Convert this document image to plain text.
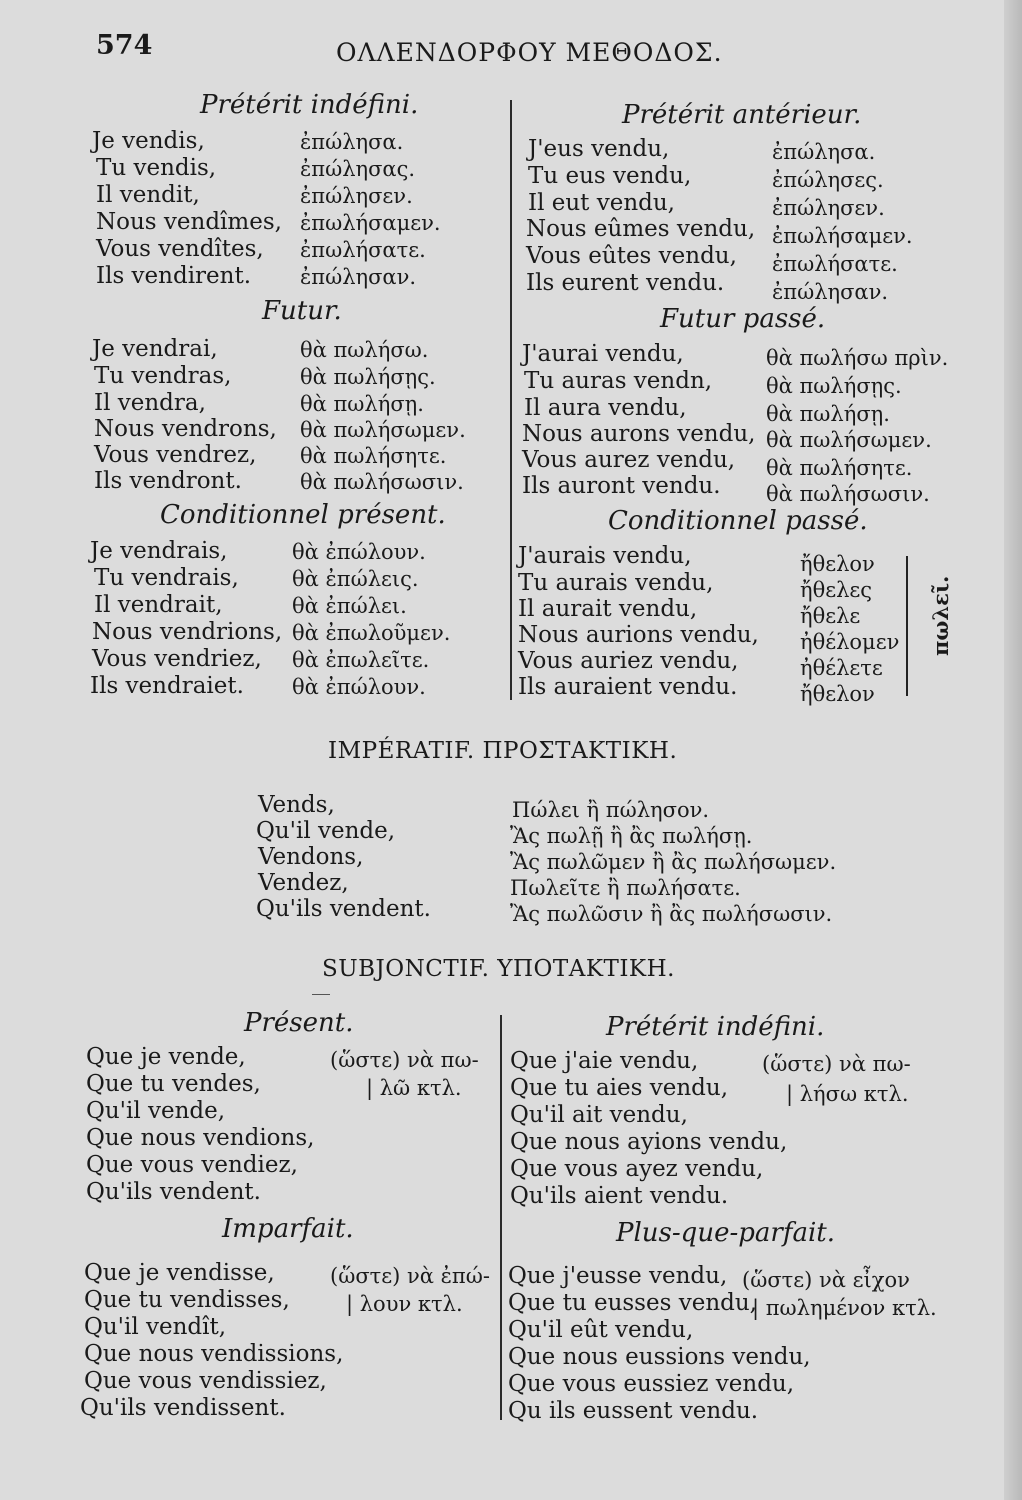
574	ΟΛΛΕΝΔΟΡΦΟΥ ΜΕΘΟΔΟΣ.
Prétérit indéfini.
Je vendis,	ἐπώλησα.
Tu vendis,	ἐπώλησας.
Il vendit,	ἐπώλησεν.
Nous vendîmes, ἐπωλήσαμεν.
Vous vendîtes, ἐπωλήσατε.
Ils vendirent. ἐπώλησαν.
Futur.
Je vendrai,	θὰ πωλήσω.
Tu vendras,	θὰ πωλήσῃς.
Il vendra,	θὰ πωλήσῃ.
Nous vendrons, θὰ πωλήσωμεν.
Vous vendrez, θὰ πωλήσητε.
Ils vendront.	θὰ πωλήσωσιν.
Conditionnel présent.
Je vendrais,	θὰ ἐπώλουν.
Tu vendrais,	θὰ ἐπώλεις.
Il vendrait,	θὰ ἐπώλει.
Nous vendrions, θὰ ἐπωλοῦμεν.
Vous vendriez, θὰ ἐπωλεῖτε.
Ils vendraiet. θὰ ἐπώλουν.
Prétérit antérieur.
J'eus vendu,	ἐπώλησα.
Tu eus vendu,	ἐπώλησες.
Il eut vendu,	ἐπώλησεν.
Nous eûmes vendu, ἐπωλήσαμεν.
Vous eûtes vendu, ἐπωλήσατε.
Ils eurent vendu. ἐπώλησαν.
Futur passé.
J'aurai vendu,	θὰ πωλήσω πρὶν.
Tu auras vendn,	θὰ πωλήσῃς.
Il aura vendu,	θὰ πωλήσῃ.
Nous aurons vendu, θὰ πωλήσωμεν.
Vous aurez vendu, θὰ πωλήσητε.
Ils auront vendu. θὰ πωλήσωσιν.
Conditionnel passé.
J'aurais vendu,	ἤθελον
Tu aurais vendu,	ἤθελες
Il aurait vendu,	ἤθελε
Nous aurions vendu, ἠθέλομεν
Vous auriez vendu,	ἠθέλετε
Ils auraient vendu.	ἤθελον
πωλεῖ.
IMPÉRATIF. ΠΡΟΣΤΑΚΤΙΚΗ.
Vends,	Πώλει ἢ πώλησον.
Qu'il vende,	Ἂς πωλῇ ἢ ἂς πωλήσῃ.
Vendons,	Ἂς πωλῶμεν ἢ ἂς πωλήσωμεν.
Vendez,	Πωλεῖτε ἢ πωλήσατε.
Qu'ils vendent.	Ἂς πωλῶσιν ἢ ἂς πωλήσωσιν.
SUBJONCTIF. ΥΠΟΤΑΚΤΙΚΗ.
Présent.
(ὥστε) νὰ πω-
| λῶ κτλ.
Que je vende,
Que tu vendes,
Qu'il vende,
Que nous vendions,
Que vous vendiez,
Qu'ils vendent.
Prétérit indéfini.
(ὥστε) νὰ πω-
| λήσω κτλ.
Que j'aie vendu,
Que tu aies vendu,
Qu'il ait vendu,
Que nous ayions vendu,
Que vous ayez vendu,
Qu'ils aient vendu.
Imparfait.
(ὥστε) νὰ ἐπώ-
| λουν κτλ.
Que je vendisse,
Que tu vendisses,
Qu'il vendît,
Que nous vendissions,
Que vous vendissiez,
Qu'ils vendissent.
Plus-que-parfait.
(ὥστε) νὰ εἶχον
| πωλημένον κτλ.
Que j'eusse vendu,
Que tu eusses vendu,
Qu'il eût vendu,
Que nous eussions vendu,
Que vous eussiez vendu,
Qu ils eussent vendu.
